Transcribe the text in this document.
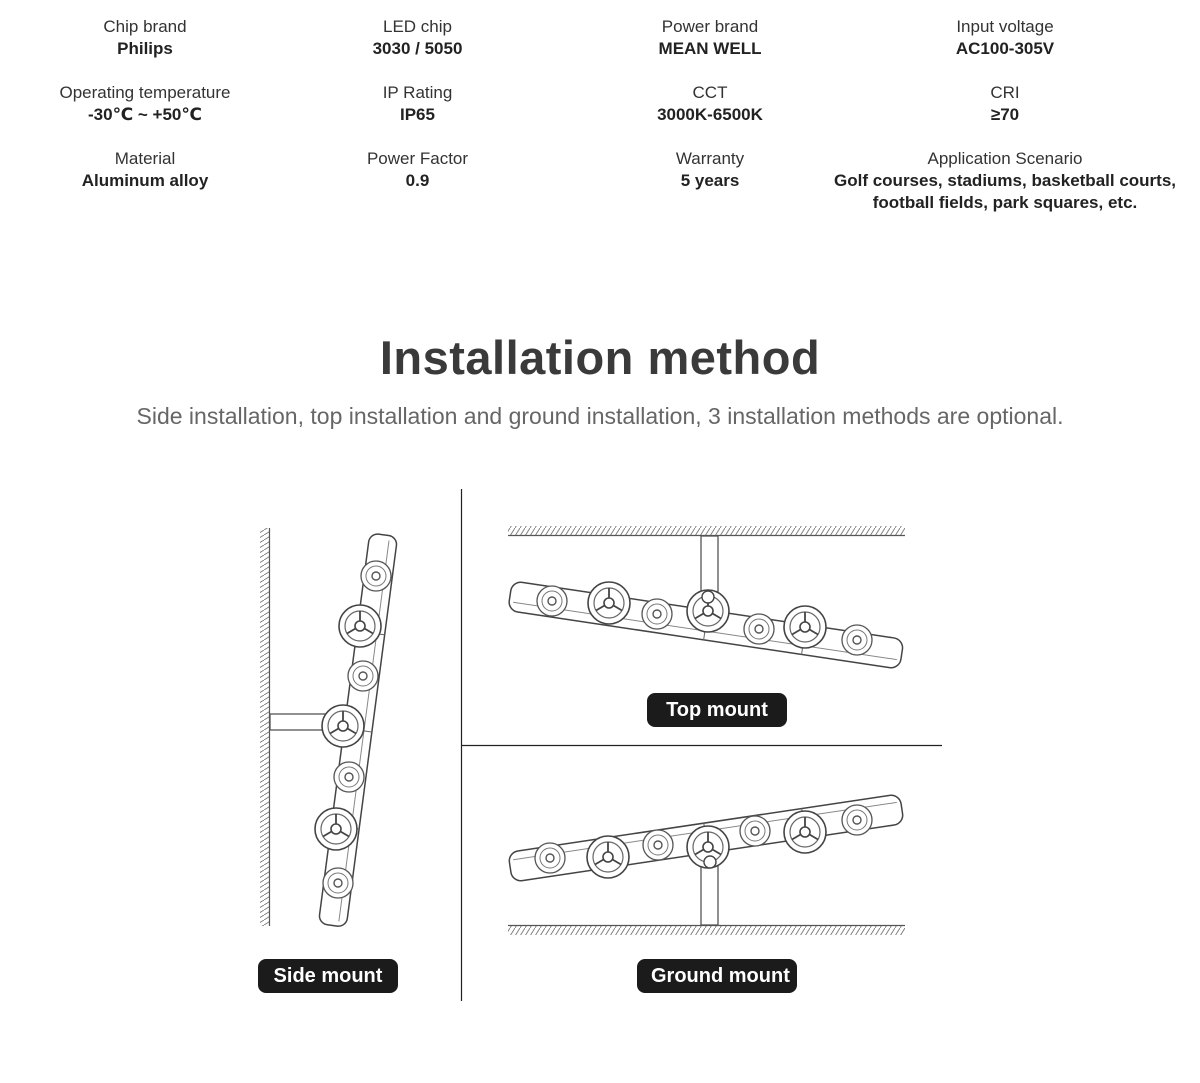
Chip brand
Philips
LED chip
3030 / 5050
Power brand
MEAN WELL
Input voltage
AC100-305V
Operating temperature
-30℃ ~ +50℃
IP Rating
IP65
CCT
3000K-6500K
CRI
≥70
Material
Aluminum alloy
Power Factor
0.9
Warranty
5 years
Application Scenario
Golf courses, stadiums, basketball courts,
football fields, park squares, etc.
Installation method

Side installation, top installation and ground installation, 3 installation methods are optional.

Top mount
Ground mount
Side mount
